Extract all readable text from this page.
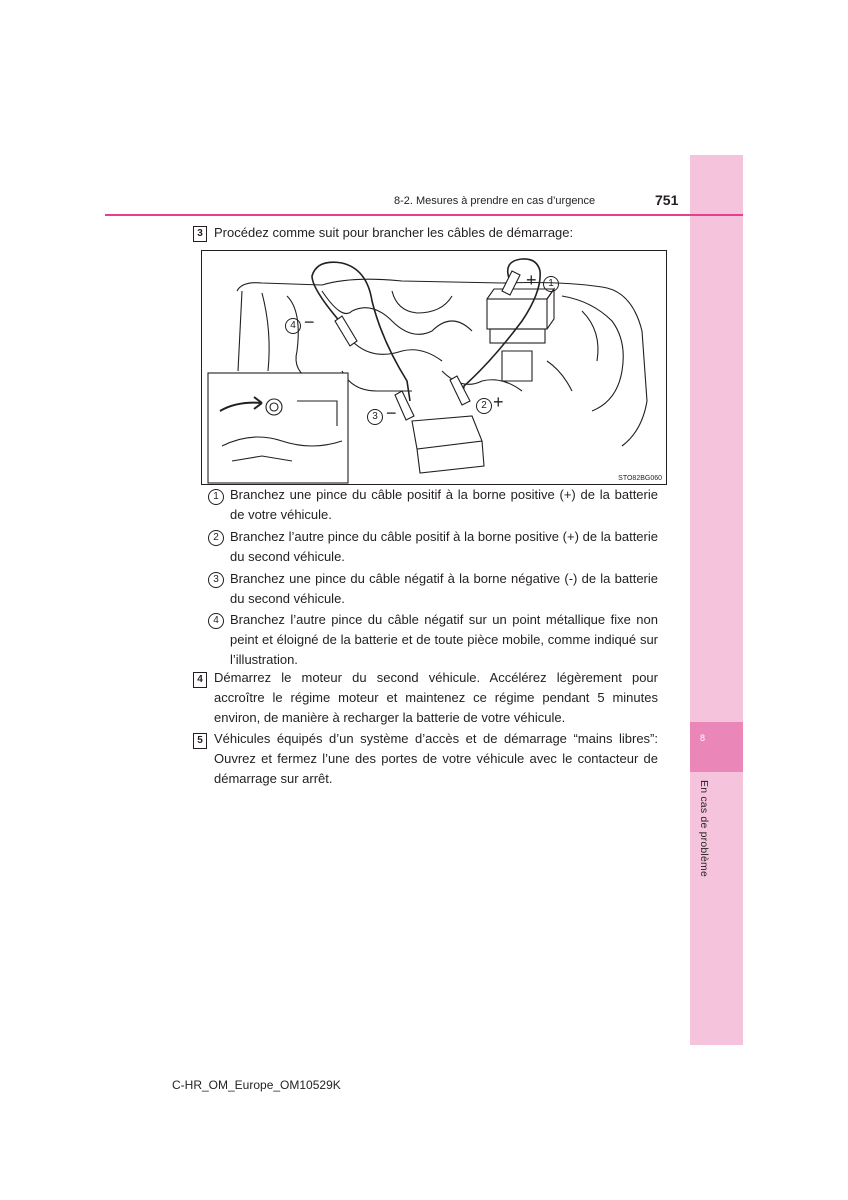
8
En cas de problème
8-2. Mesures à prendre en cas d’urgence	751
3 Procédez comme suit pour brancher les câbles de démarrage:
1
+
2 +
3 −
4 −
STO82BG060
1 Branchez une pince du câble positif à la borne positive (+) de la batterie de votre véhicule.
2 Branchez l’autre pince du câble positif à la borne positive (+) de la batterie du second véhicule.
3 Branchez une pince du câble négatif à la borne négative (-) de la batterie du second véhicule.
4 Branchez l’autre pince du câble négatif sur un point métallique fixe non peint et éloigné de la batterie et de toute pièce mobile, comme indiqué sur l’illustration.
4 Démarrez le moteur du second véhicule. Accélérez légèrement pour accroître le régime moteur et maintenez ce régime pendant 5 minutes environ, de manière à recharger la batterie de votre véhicule.
5 Véhicules équipés d’un système d’accès et de démarrage “mains libres”: Ouvrez et fermez l’une des portes de votre véhicule avec le contacteur de démarrage sur arrêt.
C-HR_OM_Europe_OM10529K
